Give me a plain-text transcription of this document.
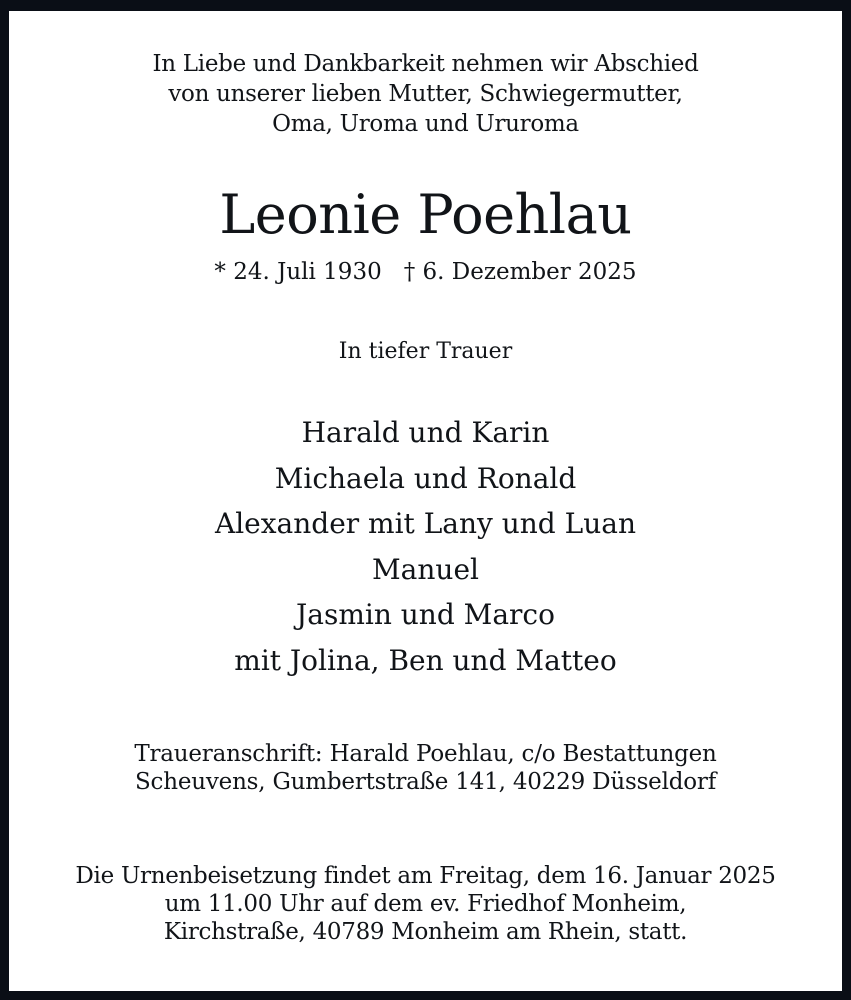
In Liebe und Dankbarkeit nehmen wir Abschied
von unserer lieben Mutter, Schwiegermutter,
Oma, Uroma und Ururoma
Leonie Poehlau
* 24. Juli 1930 † 6. Dezember 2025
In tiefer Trauer
Harald und Karin
Michaela und Ronald
Alexander mit Lany und Luan
Manuel
Jasmin und Marco
mit Jolina, Ben und Matteo
Traueranschrift: Harald Poehlau, c/o Bestattungen
Scheuvens, Gumbertstraße 141, 40229 Düsseldorf
Die Urnenbeisetzung findet am Freitag, dem 16. Januar 2025
um 11.00 Uhr auf dem ev. Friedhof Monheim,
Kirchstraße, 40789 Monheim am Rhein, statt.
